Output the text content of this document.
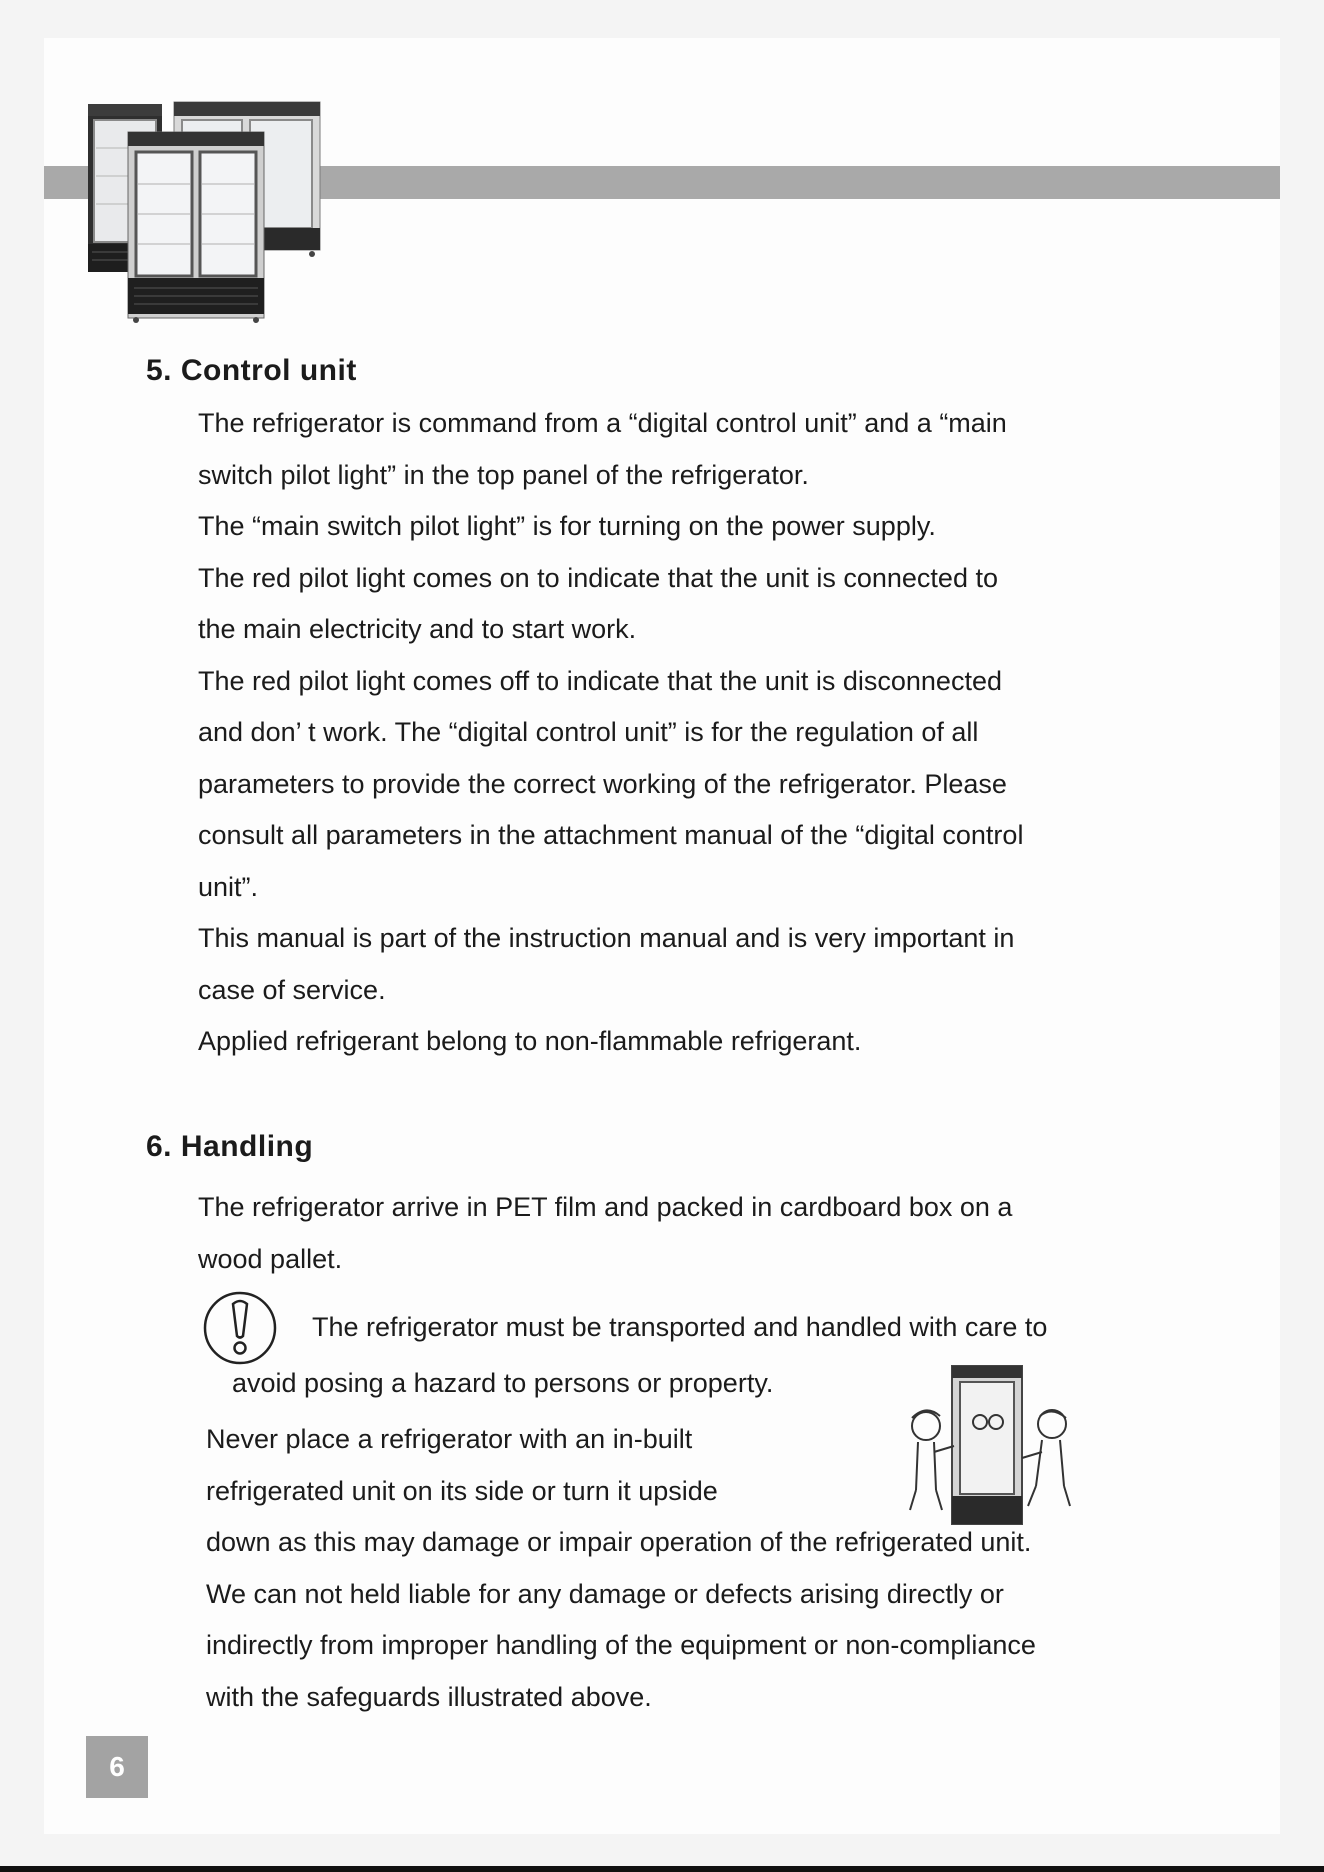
5. Control unit
The refrigerator is command from a “digital control unit” and a “main
switch pilot light” in the top panel of the refrigerator.
The “main switch pilot light” is for turning on the power supply.
The red pilot light comes on to indicate that the unit is connected to
the main electricity and to start work.
The red pilot light comes off to indicate that the unit is disconnected
and don’ t work. The “digital control unit” is for the regulation of all
parameters to provide the correct working of the refrigerator. Please
consult all parameters in the attachment manual of the “digital control
unit”.
This manual is part of the instruction manual and is very important in
case of service.
Applied refrigerant belong to non-flammable refrigerant.
6. Handling
The refrigerator arrive in PET film and packed in cardboard box on a
wood pallet.
The refrigerator must be transported and handled with care to
avoid posing a hazard to persons or property.
Never place a refrigerator with an in-built
refrigerated unit on its side or turn it upside
down as this may damage or impair operation of the refrigerated unit.
We can not held liable for any damage or defects arising directly or
indirectly from improper handling of the equipment or non-compliance
with the safeguards illustrated above.
6
